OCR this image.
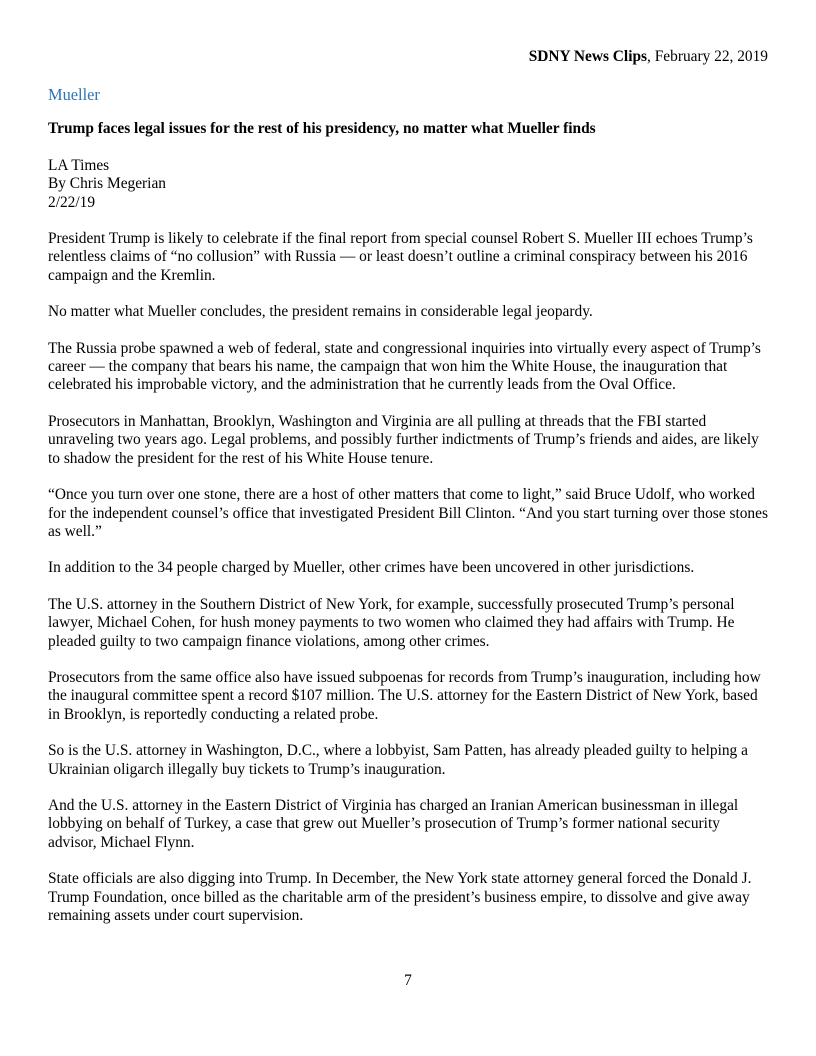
SDNY News Clips, February 22, 2019
Mueller
Trump faces legal issues for the rest of his presidency, no matter what Mueller finds
LA Times
By Chris Megerian
2/22/19
President Trump is likely to celebrate if the final report from special counsel Robert S. Mueller III echoes Trump’s relentless claims of “no collusion” with Russia — or least doesn’t outline a criminal conspiracy between his 2016 campaign and the Kremlin.
No matter what Mueller concludes, the president remains in considerable legal jeopardy.
The Russia probe spawned a web of federal, state and congressional inquiries into virtually every aspect of Trump’s career — the company that bears his name, the campaign that won him the White House, the inauguration that celebrated his improbable victory, and the administration that he currently leads from the Oval Office.
Prosecutors in Manhattan, Brooklyn, Washington and Virginia are all pulling at threads that the FBI started unraveling two years ago. Legal problems, and possibly further indictments of Trump’s friends and aides, are likely to shadow the president for the rest of his White House tenure.
“Once you turn over one stone, there are a host of other matters that come to light,” said Bruce Udolf, who worked for the independent counsel’s office that investigated President Bill Clinton. “And you start turning over those stones as well.”
In addition to the 34 people charged by Mueller, other crimes have been uncovered in other jurisdictions.
The U.S. attorney in the Southern District of New York, for example, successfully prosecuted Trump’s personal lawyer, Michael Cohen, for hush money payments to two women who claimed they had affairs with Trump. He pleaded guilty to two campaign finance violations, among other crimes.
Prosecutors from the same office also have issued subpoenas for records from Trump’s inauguration, including how the inaugural committee spent a record $107 million. The U.S. attorney for the Eastern District of New York, based in Brooklyn, is reportedly conducting a related probe.
So is the U.S. attorney in Washington, D.C., where a lobbyist, Sam Patten, has already pleaded guilty to helping a Ukrainian oligarch illegally buy tickets to Trump’s inauguration.
And the U.S. attorney in the Eastern District of Virginia has charged an Iranian American businessman in illegal lobbying on behalf of Turkey, a case that grew out Mueller’s prosecution of Trump’s former national security advisor, Michael Flynn.
State officials are also digging into Trump. In December, the New York state attorney general forced the Donald J. Trump Foundation, once billed as the charitable arm of the president’s business empire, to dissolve and give away remaining assets under court supervision.
7
